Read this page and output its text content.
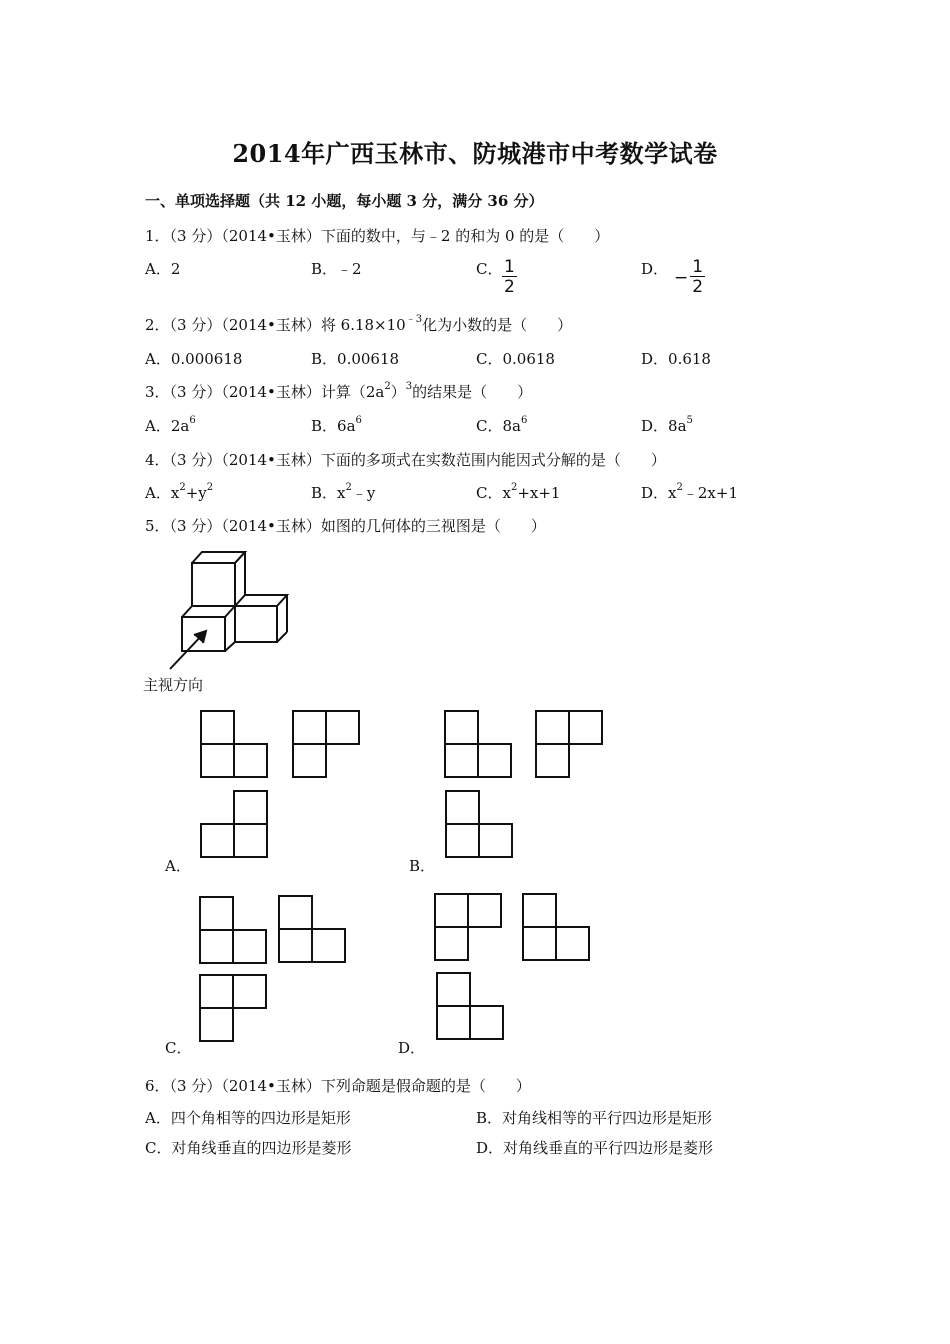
2014年广西玉林市、防城港市中考数学试卷
一、单项选择题（共 12 小题，每小题 3 分，满分 36 分）
1．（3 分）（2014•玉林）下面的数中，与﹣2 的和为 0 的是（　　）
A．2	B．﹣2	C． $\frac{1}{2}$	D． − $\frac{1}{2}$
2．（3 分）（2014•玉林）将 $6.18\times 10^{﹣3}$化为小数的是（　　）
A．0.000618	B．0.00618	C．0.0618	D．0.618
3．（3 分）（2014•玉林）计算$(2a^2)^3$的结果是（　　）
A．$2a^6$	B．$6a^6$	C．$8a^6$	D．$8a^5$
4．（3 分）（2014•玉林）下面的多项式在实数范围内能因式分解的是（　　）
A．$x^2+y^2$	B．$x^2﹣y$	C．$x^2+x+1$	D．$x^2﹣2x+1$
5．（3 分）（2014•玉林）如图的几何体的三视图是（　　）
主视方向
A．	B．
C．	D．
6．（3 分）（2014•玉林）下列命题是假命题的是（　　）
A．四个角相等的四边形是矩形	B．对角线相等的平行四边形是矩形
C．对角线垂直的四边形是菱形	D．对角线垂直的平行四边形是菱形
